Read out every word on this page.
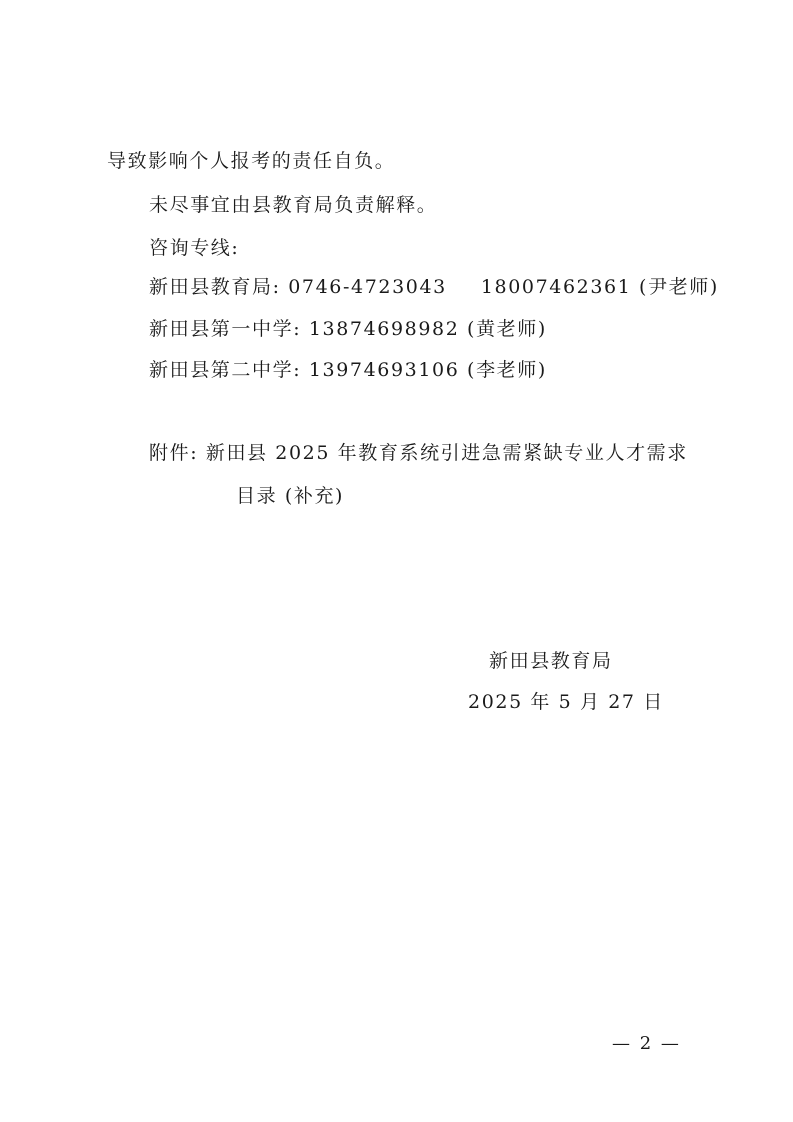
导致影响个人报考的责任自负。
未尽事宜由县教育局负责解释。
咨询专线:
新田县教育局: 0746-4723043 18007462361 (尹老师)
新田县第一中学: 13874698982 (黄老师)
新田县第二中学: 13974693106 (李老师)
附件: 新田县 2025 年教育系统引进急需紧缺专业人才需求
目录 (补充)
新田县教育局
2025 年 5 月 27 日
— 2 —
